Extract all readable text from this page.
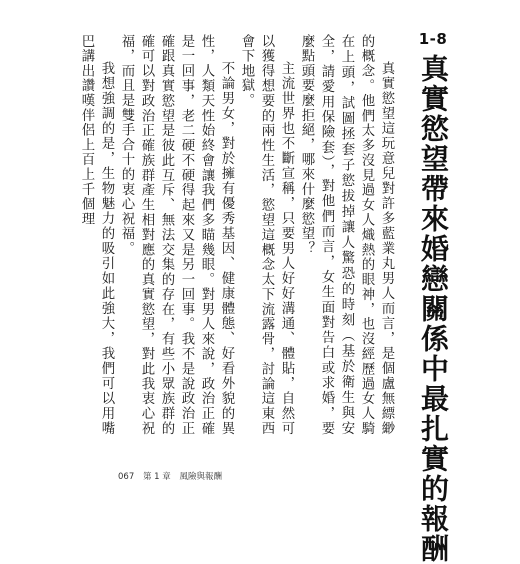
1-8
真實慾望帶來婚戀關係中最扎實的報酬

真實慾望這玩意兒對許多藍業丸男人而言，是個盧無縹緲的概念。他們太多沒見過女人熾熱的眼神，也沒經歷過女人騎在上頭，試圖拯套子慾拔掉讓人驚恐的時刻（基於衛生與安全，請愛用保險套），對他們而言，女生面對告白或求婚，要麼點頭要麼拒絕，哪來什麼慾望？

主流世界也不斷宣稱，只要男人好好溝通、體貼，自然可以獲得想要的兩性生活，慾望這概念太下流露骨，討論這東西會下地獄。

不論男女，對於擁有優秀基因、健康體態、好看外貌的異性，人類天性始終會讓我們多瞄幾眼。對男人來說，政治正確是一回事，老二硬不硬得起來又是另一回事。我不是說政治正確跟真實慾望是彼此互斥、無法交集的存在，有些小眾族群的確可以對政治正確族群產生相對應的真實慾望，對此我衷心祝福，而且是雙手合十的衷心祝福。

我想強調的是，生物魅力的吸引如此強大，我們可以用嘴巴講出讚嘆伴侶上百上千個理

067 第 1 章 風險與報酬
